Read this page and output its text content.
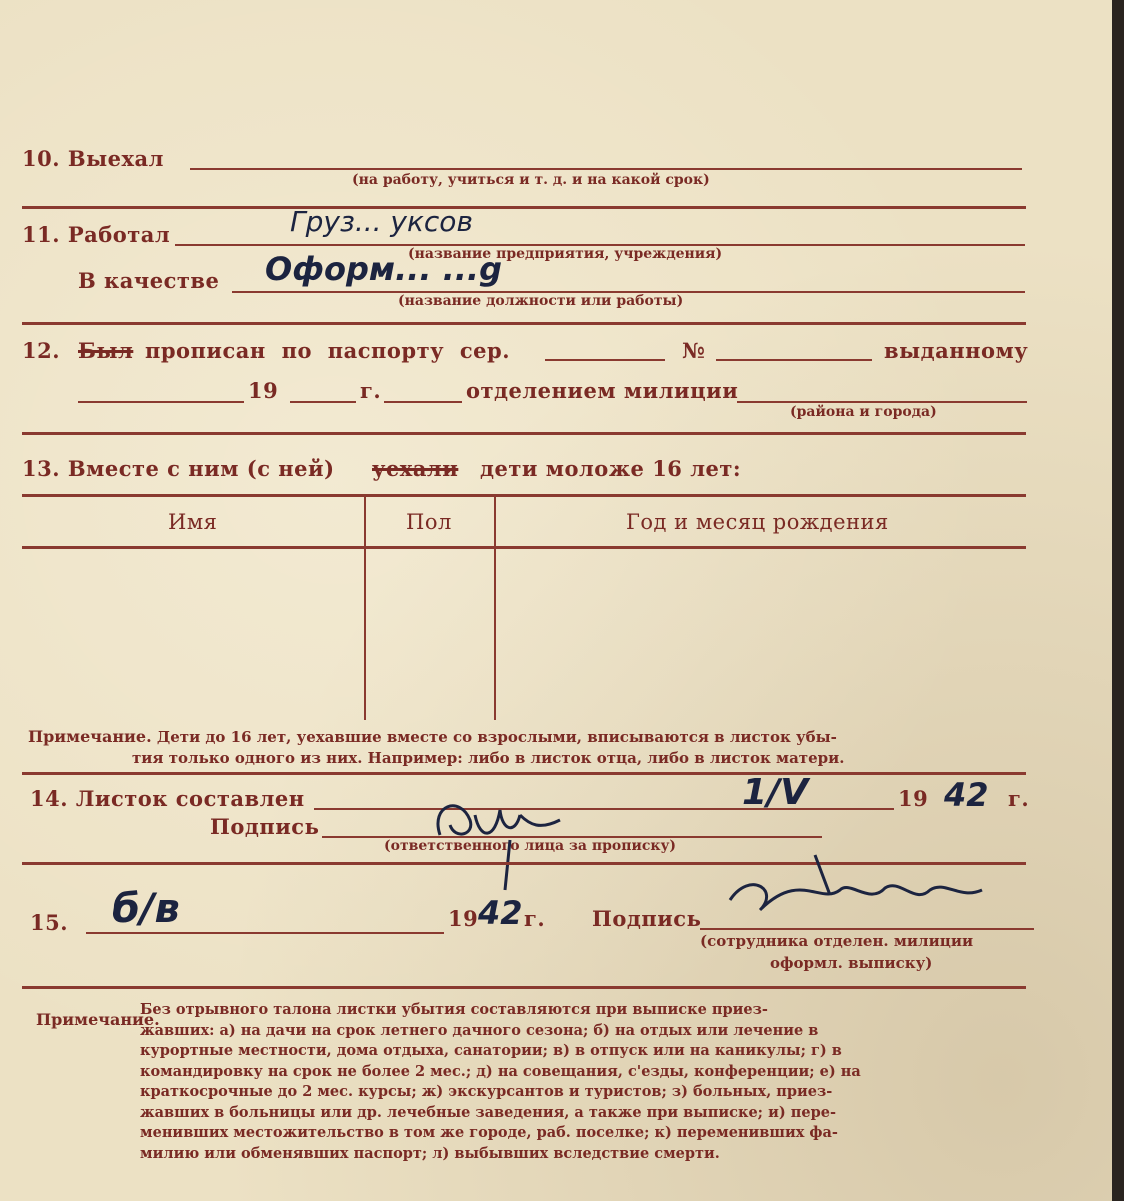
10. Выехал
(на работу, учиться и т. д. и на какой срок)
11. Работал
(название предприятия, учреждения)
Груз... уксов
В качестве
(название должности или работы)
Оформ... ...g
12. Был прописан по паспорту сер.	№	выданному
19	г.	отделением милиции
(района и города)
13. Вместе с ним (с ней) уехали дети моложе 16 лет:
Имя	Пол	Год и месяц рождения
Примечание. Дети до 16 лет, уехавшие вместе со взрослыми, вписываются в листок убы-
тия только одного из них. Например: либо в листок отца, либо в листок матери.
14. Листок составлен	1/V	19 42 г.
Подпись
(ответственного лица за прописку)
15. б/в	19 42 г. Подпись
(сотрудника отделен. милиции
оформл. выписку)
Примечание.
Без отрывного талона листки убытия составляются при выписке приез-
жавших: а) на дачи на срок летнего дачного сезона; б) на отдых или лечение в
курортные местности, дома отдыха, санатории; в) в отпуск или на каникулы; г) в
командировку на срок не более 2 мес.; д) на совещания, с'езды, конференции; е) на
краткосрочные до 2 мес. курсы; ж) экскурсантов и туристов; з) больных, приез-
жавших в больницы или др. лечебные заведения, а также при выписке; и) пере-
менивших местожительство в том же городе, раб. поселке; к) переменивших фа-
милию или обменявших паспорт; л) выбывших вследствие смерти.
